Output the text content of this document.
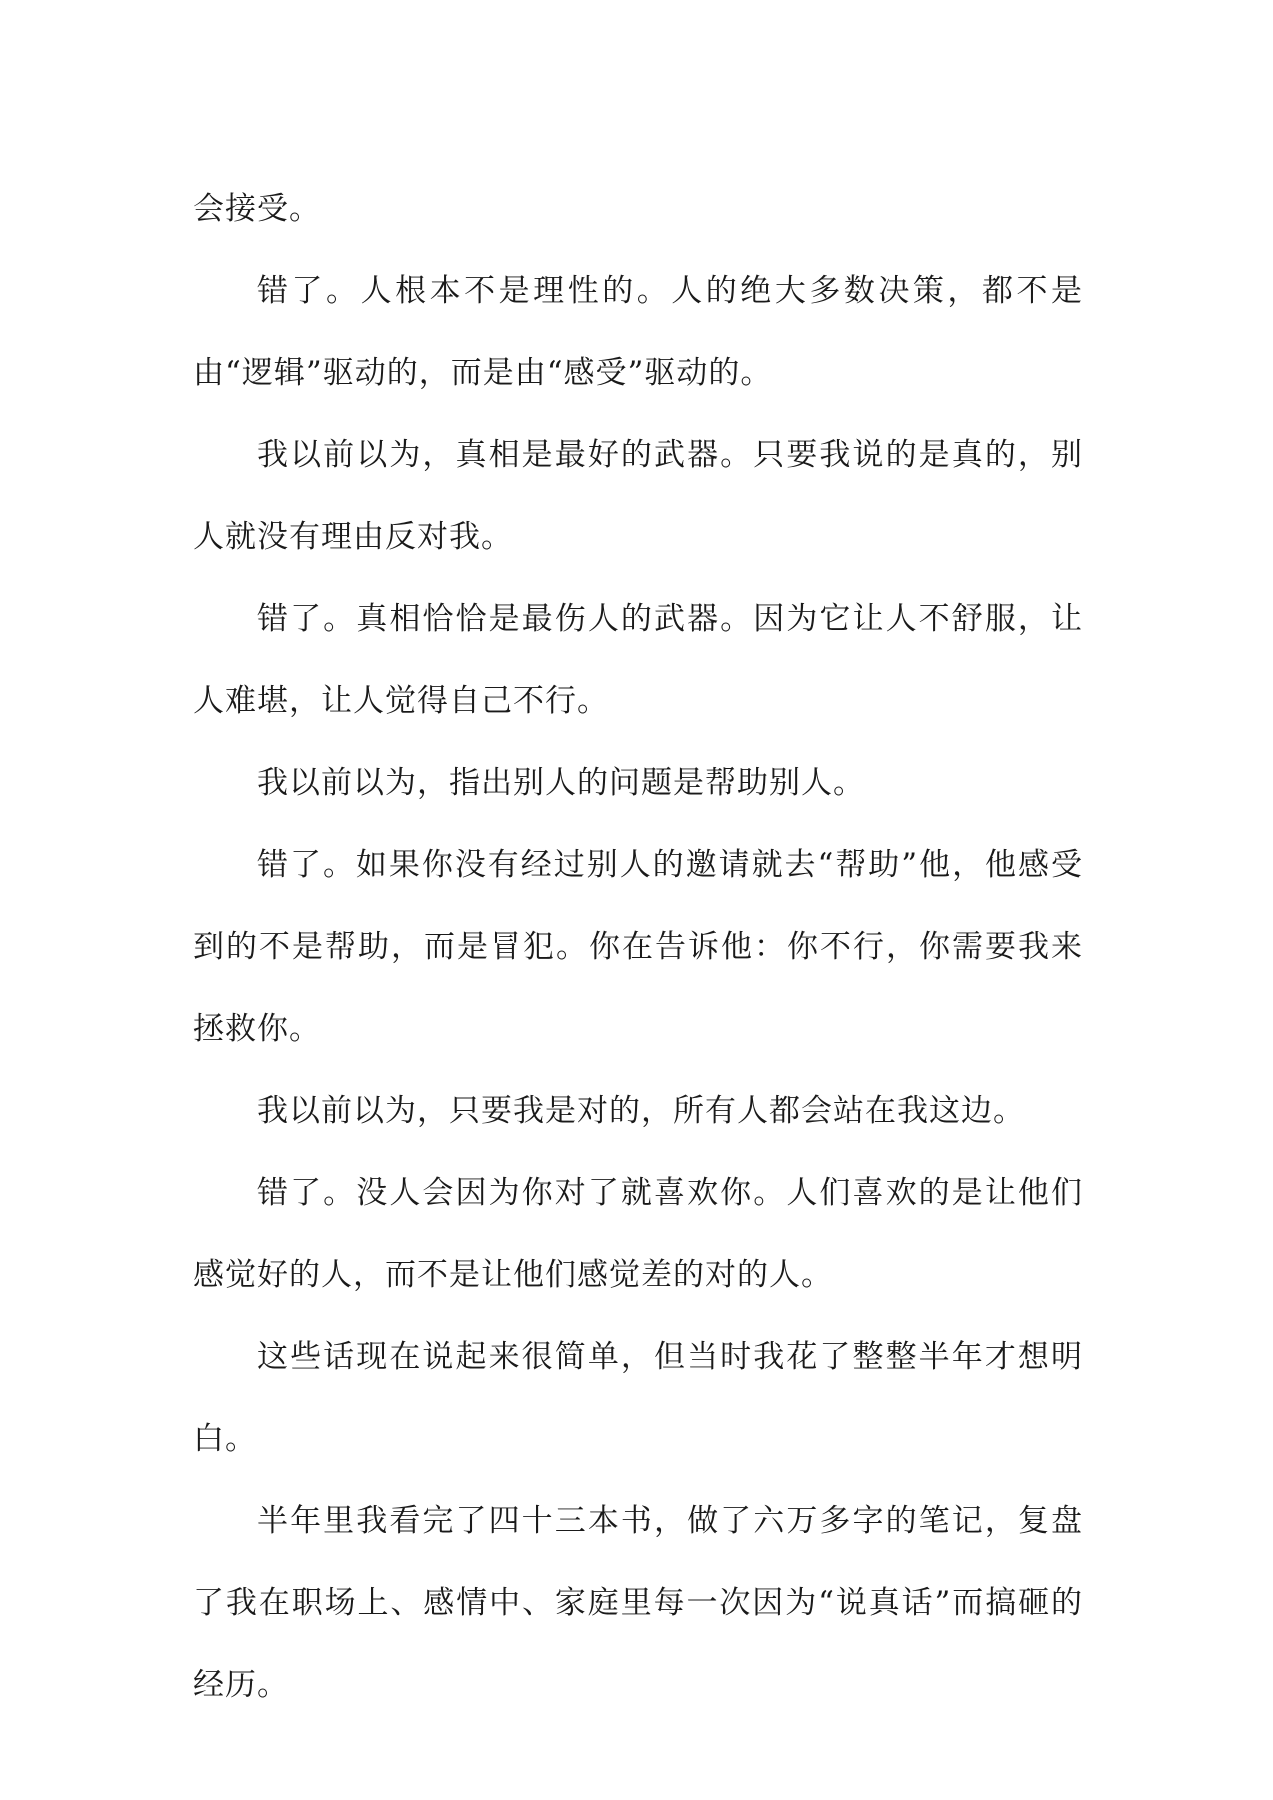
会接受。

错了。人根本不是理性的。人的绝大多数决策，都不是由“逻辑”驱动的，而是由“感受”驱动的。

我以前以为，真相是最好的武器。只要我说的是真的，别人就没有理由反对我。

错了。真相恰恰是最伤人的武器。因为它让人不舒服，让人难堪，让人觉得自己不行。

我以前以为，指出别人的问题是帮助别人。

错了。如果你没有经过别人的邀请就去“帮助”他，他感受到的不是帮助，而是冒犯。你在告诉他：你不行，你需要我来拯救你。

我以前以为，只要我是对的，所有人都会站在我这边。

错了。没人会因为你对了就喜欢你。人们喜欢的是让他们感觉好的人，而不是让他们感觉差的对的人。

这些话现在说起来很简单，但当时我花了整整半年才想明白。

半年里我看完了四十三本书，做了六万多字的笔记，复盘了我在职场上、感情中、家庭里每一次因为“说真话”而搞砸的经历。
